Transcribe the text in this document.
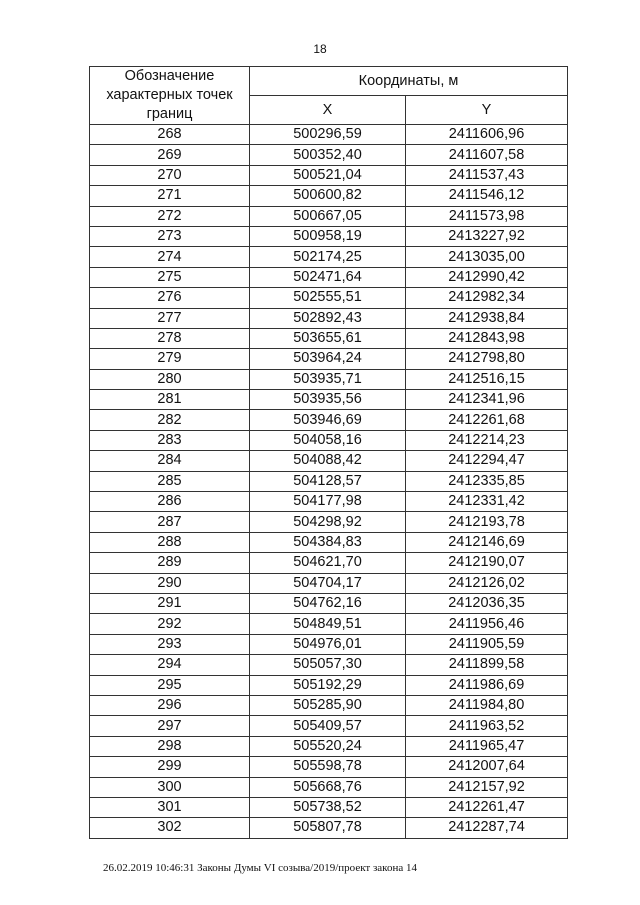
18
Обозначение характерных точек границ	Координаты, м	
	X	Y
268	500296,59	2411606,96
269	500352,40	2411607,58
270	500521,04	2411537,43
271	500600,82	2411546,12
272	500667,05	2411573,98
273	500958,19	2413227,92
274	502174,25	2413035,00
275	502471,64	2412990,42
276	502555,51	2412982,34
277	502892,43	2412938,84
278	503655,61	2412843,98
279	503964,24	2412798,80
280	503935,71	2412516,15
281	503935,56	2412341,96
282	503946,69	2412261,68
283	504058,16	2412214,23
284	504088,42	2412294,47
285	504128,57	2412335,85
286	504177,98	2412331,42
287	504298,92	2412193,78
288	504384,83	2412146,69
289	504621,70	2412190,07
290	504704,17	2412126,02
291	504762,16	2412036,35
292	504849,51	2411956,46
293	504976,01	2411905,59
294	505057,30	2411899,58
295	505192,29	2411986,69
296	505285,90	2411984,80
297	505409,57	2411963,52
298	505520,24	2411965,47
299	505598,78	2412007,64
300	505668,76	2412157,92
301	505738,52	2412261,47
302	505807,78	2412287,74
26.02.2019 10:46:31 Законы Думы VI созыва/2019/проект закона 14
